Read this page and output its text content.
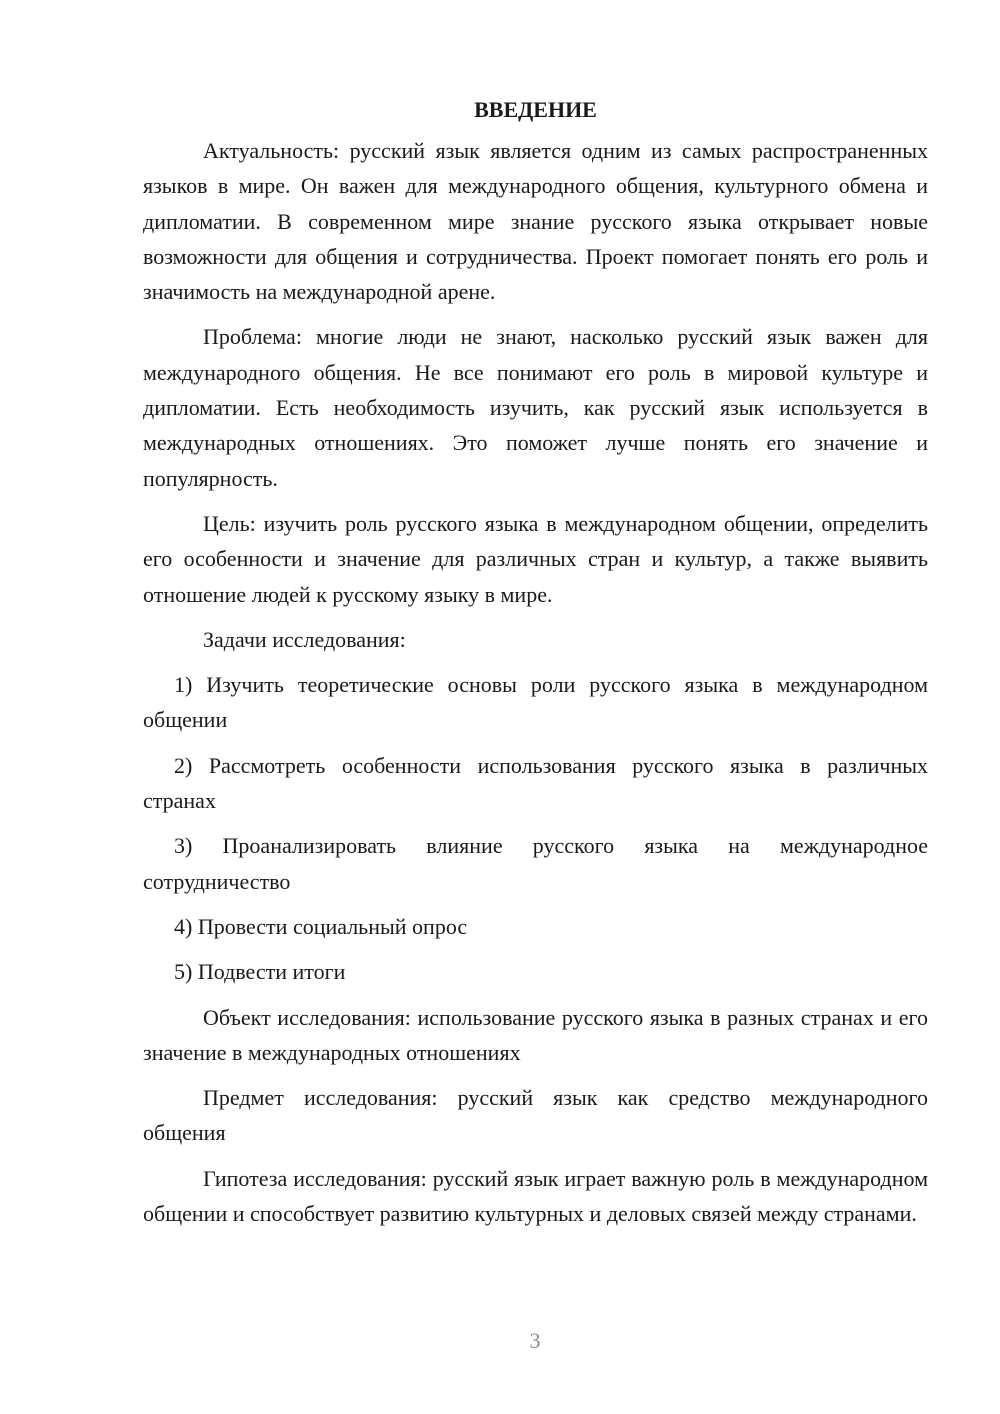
ВВЕДЕНИЕ

Актуальность: русский язык является одним из самых распространенных языков в мире. Он важен для международного общения, культурного обмена и дипломатии. В современном мире знание русского языка открывает новые возможности для общения и сотрудничества. Проект помогает понять его роль и значимость на международной арене.

Проблема: многие люди не знают, насколько русский язык важен для международного общения. Не все понимают его роль в мировой культуре и дипломатии. Есть необходимость изучить, как русский язык используется в международных отношениях. Это поможет лучше понять его значение и популярность.

Цель: изучить роль русского языка в международном общении, определить его особенности и значение для различных стран и культур, а также выявить отношение людей к русскому языку в мире.

Задачи исследования:

1) Изучить теоретические основы роли русского языка в международном общении

2) Рассмотреть особенности использования русского языка в различных странах

3) Проанализировать влияние русского языка на международное сотрудничество

4) Провести социальный опрос

5) Подвести итоги

Объект исследования: использование русского языка в разных странах и его значение в международных отношениях

Предмет исследования: русский язык как средство международного общения

Гипотеза исследования: русский язык играет важную роль в международном общении и способствует развитию культурных и деловых связей между странами.

3
